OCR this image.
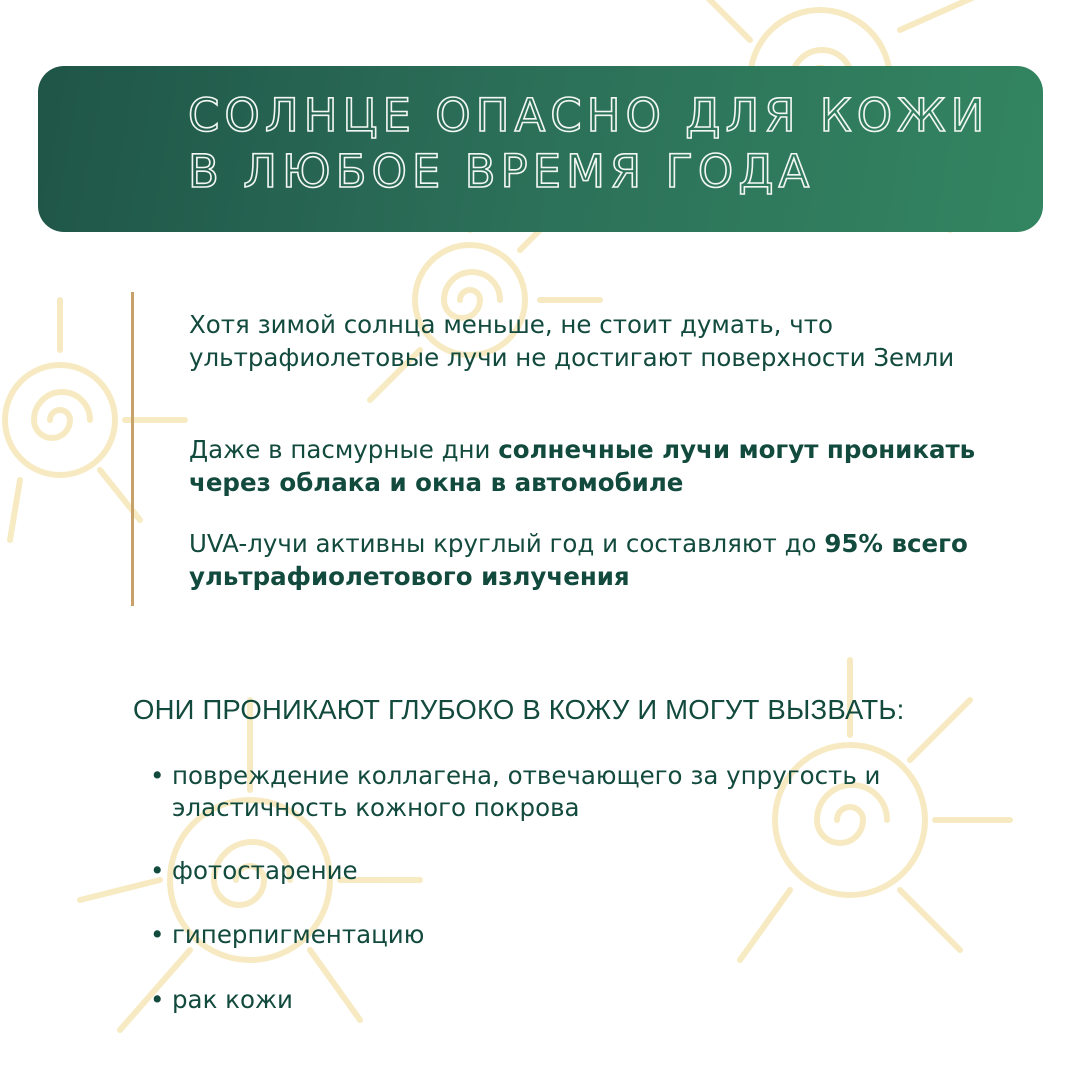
СОЛНЦЕ ОПАСНО ДЛЯ КОЖИ
В ЛЮБОЕ ВРЕМЯ ГОДА

Хотя зимой солнца меньше, не стоит думать, что ультрафиолетовые лучи не достигают поверхности Земли

Даже в пасмурные дни солнечные лучи могут проникать через облака и окна в автомобиле

UVA-лучи активны круглый год и составляют до 95% всего ультрафиолетового излучения

ОНИ ПРОНИКАЮТ ГЛУБОКО В КОЖУ И МОГУТ ВЫЗВАТЬ:
• повреждение коллагена, отвечающего за упругость и эластичность кожного покрова
• фотостарение
• гиперпигментацию
• рак кожи
